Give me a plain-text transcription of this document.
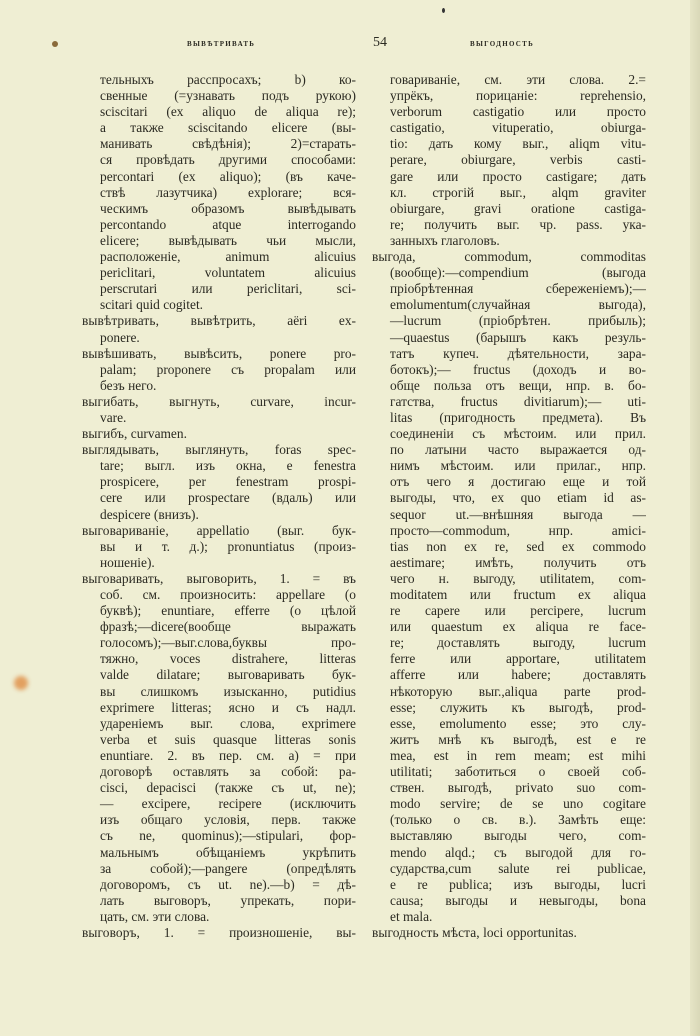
вывѣтривать	54	выгодность
тельныхъ расспросахъ; b) ко-
свенные (=узнавать подъ рукою)
sciscitari (ex aliquo de aliqua re);
а также sciscitando elicere (вы-
манивать свѣдѣнія); 2)=старать-
ся провѣдать другими способами:
percontari (ex aliquo); (въ каче-
ствѣ лазутчика) explorare; вся-
ческимъ образомъ вывѣдывать
percontando atque interrogando
elicere; вывѣдывать чьи мысли,
расположеніе, animum alicuius
periclitari, voluntatem alicuius
perscrutari или periclitari, sci-
scitari quid cogitet.
вывѣтривать, вывѣтрить, aëri ex-
ponere.
вывѣшивать, вывѣсить, ponere pro-
palam; proponere съ propalam или
безъ него.
выгибать, выгнуть, curvare, incur-
vare.
выгибъ, curvamen.
выглядывать, выглянуть, foras spec-
tare; выгл. изъ окна, e fenestra
prospicere, per fenestram prospi-
cere или prospectare (вдаль) или
despicere (внизъ).
выговариваніе, appellatio (выг. бук-
вы и т. д.); pronuntiatus (произ-
ношеніе).
выговаривать, выговорить, 1. = въ
соб. см. произносить: appellare (о
буквѣ); enuntiare, efferre (о цѣлой
фразѣ;—dicere(вообще выражать
голосомъ);—выг.слова,буквы про-
тяжно, voces distrahere, litteras
valde dilatare; выговаривать бук-
вы слишкомъ изысканно, putidius
exprimere litteras; ясно и съ надл.
удареніемъ выг. слова, exprimere
verba et suis quasque litteras sonis
enuntiare. 2. въ пер. см. a) = при
договорѣ оставлять за собой: pa-
cisci, depacisci (также съ ut, ne);
— excipere, recipere (исключить
изъ общаго условія, перв. также
съ ne, quominus);—stipulari, фор-
мальнымъ обѣщаніемъ укрѣпить
за собой);—pangere (опредѣлять
договоромъ, съ ut. ne).—b) = дѣ-
лать выговоръ, упрекать, пори-
цать, см. эти слова.
выговоръ, 1. = произношеніе, вы-
говариваніе, см. эти слова. 2.=
упрёкъ, порицаніе: reprehensio,
verborum castigatio или просто
castigatio, vituperatio, obiurga-
tio: дать кому выг., aliqm vitu-
perare, obiurgare, verbis casti-
gare или просто castigare; дать
кл. строгій выг., alqm graviter
obiurgare, gravi oratione castiga-
re; получить выг. чр. pass. ука-
занныхъ глаголовъ.
выгода, commodum, commoditas
(вообще):—compendium (выгода
пріобрѣтенная сбереженіемъ);—
emolumentum(случайная выгода),
—lucrum (пріобрѣтен. прибыль);
—quaestus (барышъ какъ резуль-
татъ купеч. дѣятельности, зара-
ботокъ);— fructus (доходъ и во-
обще польза отъ вещи, нпр. в. бо-
гатства, fructus divitiarum);— uti-
litas (пригодность предмета). Въ
соединеніи съ мѣстоим. или прил.
по латыни часто выражается од-
нимъ мѣстоим. или прилаг., нпр.
отъ чего я достигаю еще и той
выгоды, что, ex quo etiam id as-
sequor ut.—внѣшняя выгода —
просто—commodum, нпр. amici-
tias non ex re, sed ex commodo
aestimare; имѣть, получить отъ
чего н. выгоду, utilitatem, com-
moditatem или fructum ex aliqua
re capere или percipere, lucrum
или quaestum ex aliqua re face-
re; доставлять выгоду, lucrum
ferre или apportare, utilitatem
afferre или habere; доставлять
нѣкоторую выг.,aliqua parte prod-
esse; служить къ выгодѣ, prod-
esse, emolumento esse; это слу-
житъ мнѣ къ выгодѣ, est e re
mea, est in rem meam; est mihi
utilitati; заботиться о своей соб-
ствен. выгодѣ, privato suo com-
modo servire; de se uno cogitare
(только о св. в.). Замѣть еще:
выставляю выгоды чего, com-
mendo alqd.; съ выгодой для го-
сударства,cum salute rei publicae,
e re publica; изъ выгоды, lucri
causa; выгоды и невыгоды, bona
et mala.
выгодность мѣста, loci opportunitas.
